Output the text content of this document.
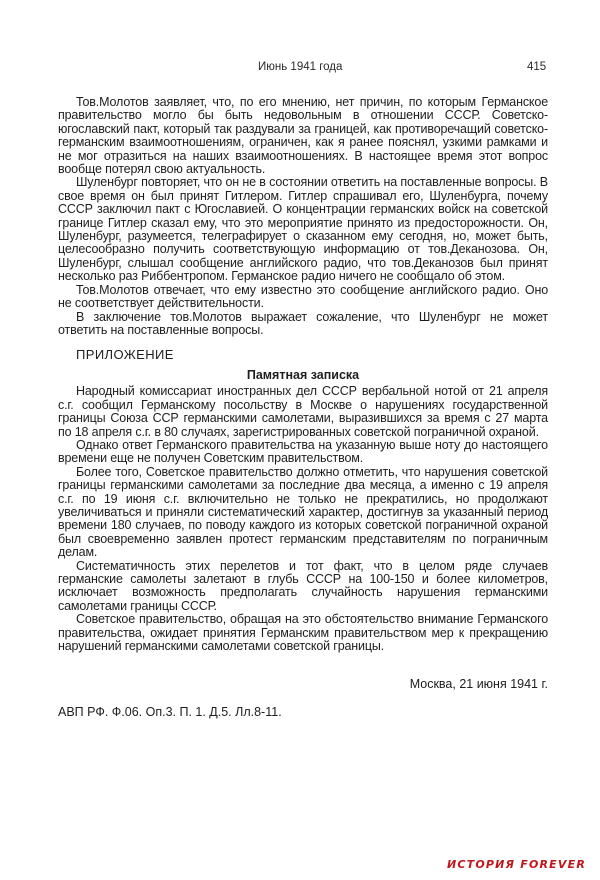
Июнь 1941 года	415

Тов.Молотов заявляет, что, по его мнению, нет причин, по которым Германское правительство могло бы быть недовольным в отношении СССР. Советско-югославский пакт, который так раздували за границей, как противоречащий советско-германским взаимоотношениям, ограничен, как я ранее пояснял, узкими рамками и не мог отразиться на наших взаимоотношениях. В настоящее время этот вопрос вообще потерял свою актуальность.

Шуленбург повторяет, что он не в состоянии ответить на поставленные вопросы. В свое время он был принят Гитлером. Гитлер спрашивал его, Шуленбурга, почему СССР заключил пакт с Югославией. О концентрации германских войск на советской границе Гитлер сказал ему, что это мероприятие принято из предосторожности. Он, Шуленбург, разумеется, телеграфирует о сказанном ему сегодня, но, может быть, целесообразно получить соответствующую информацию от тов.Деканозова. Он, Шуленбург, слышал сообщение английского радио, что тов.Деканозов был принят несколько раз Риббентропом. Германское радио ничего не сообщало об этом.

Тов.Молотов отвечает, что ему известно это сообщение английского радио. Оно не соответствует действительности.

В заключение тов.Молотов выражает сожаление, что Шуленбург не может ответить на поставленные вопросы.

ПРИЛОЖЕНИЕ
Памятная записка

Народный комиссариат иностранных дел СССР вербальной нотой от 21 апреля с.г. сообщил Германскому посольству в Москве о нарушениях государственной границы Союза ССР германскими самолетами, выразившихся за время с 27 марта по 18 апреля с.г. в 80 случаях, зарегистрированных советской пограничной охраной.

Однако ответ Германского правительства на указанную выше ноту до настоящего времени еще не получен Советским правительством.

Более того, Советское правительство должно отметить, что нарушения советской границы германскими самолетами за последние два месяца, а именно с 19 апреля с.г. по 19 июня с.г. включительно не только не прекратились, но продолжают увеличиваться и приняли систематический характер, достигнув за указанный период времени 180 случаев, по поводу каждого из которых советской пограничной охраной был своевременно заявлен протест германским представителям по пограничным делам.

Систематичность этих перелетов и тот факт, что в целом ряде случаев германские самолеты залетают в глубь СССР на 100-150 и более километров, исключает возможность предполагать случайность нарушения германскими самолетами границы СССР.

Советское правительство, обращая на это обстоятельство внимание Германского правительства, ожидает принятия Германским правительством мер к прекращению нарушений германскими самолетами советской границы.

Москва, 21 июня 1941 г.
АВП РФ. Ф.06. Оп.3. П. 1. Д.5. Лл.8-11.
ИСТОРИЯ FOREVER
